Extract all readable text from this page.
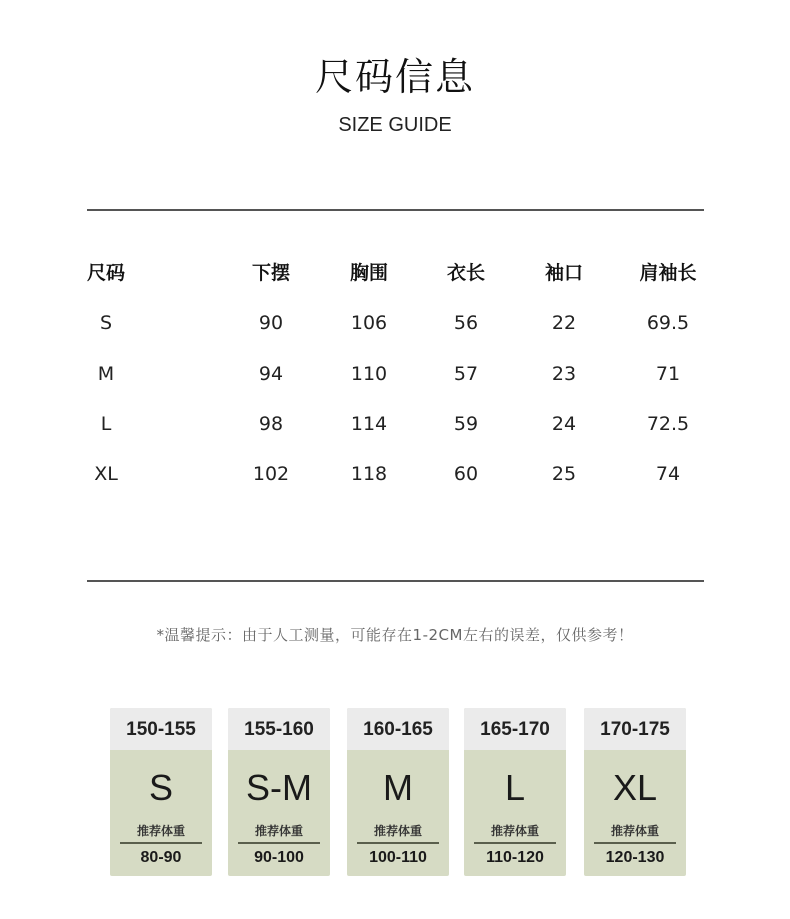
尺码信息
SIZE GUIDE
尺码	下摆	胸围	衣长	袖口	肩袖长
S	90	106	56	22	69.5
M	94	110	57	23	71
L	98	114	59	24	72.5
XL	102	118	60	25	74
*温馨提示：由于人工测量，可能存在1-2CM左右的误差，仅供参考！
150-155
S
推荐体重
80-90
155-160
S-M
推荐体重
90-100
160-165
M
推荐体重
100-110
165-170
L
推荐体重
110-120
170-175
XL
推荐体重
120-130
